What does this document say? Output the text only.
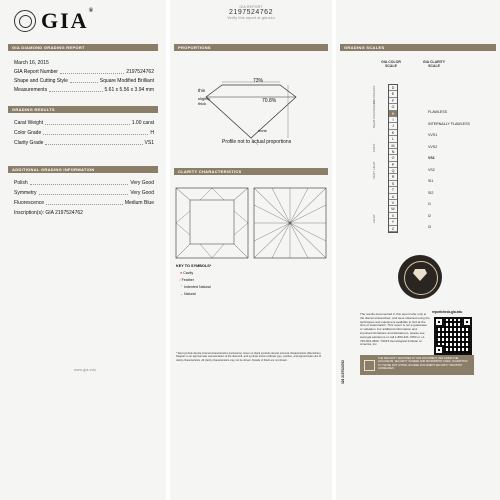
GIA®
GIA DIAMOND GRADING REPORT
March 16, 2015
GIA Report Number	2197524762
Shape and Cutting Style	Square Modified Brilliant
Measurements	5.61 x 5.56 x 3.94 mm
GRADING RESULTS
Carat Weight	1.00 carat
Color Grade	H
Clarity Grade	VS1
ADDITIONAL GRADING INFORMATION
Polish	Very Good
Symmetry	Very Good
Fluorescence	Medium Blue
Inscription(s): GIA 2197524762
www.gia.edu
GIA REPORT
2197524762
Verify this report at gia.edu
PROPORTIONS
73%
70.8%
thin
slightly
thick
none
Profile not to actual proportions
CLARITY CHARACTERISTICS
KEY TO SYMBOLS*
● Cavity
⁄ Feather
⌃ Indented Natural
⌄ Natural
* Red symbols denote internal characteristics (inclusions). Green or black symbols denote external characteristics (blemishes). Diagram is an approximate representation of the diamond, and symbols shown indicate type, position, and approximate size of clarity characteristics. All clarity characteristics may not be shown. Details of finish are not shown.
GRADING SCALES
GIA COLOR SCALE
GIA CLARITY SCALE
D
E
F
G
H
I
J
K
L
M
N
O
P
Q
R
S
T
U
V
W
X
Y
Z
COLORLESS
NEAR COLORLESS
FAINT
VERY LIGHT
LIGHT
FLAWLESS
INTERNALLY FLAWLESS
VVS1
VVS2
VS1
VS2
SI1
SI2
I1
I2
I3
reportcheck.gia.edu
The results documented in this report refer only to the diamond described, and were obtained using the techniques and equipment available to GIA at the time of examination. This report is not a guarantee or valuation. For additional information and important limitations and disclaimers, please see www.gia.edu/terms or call 1-800-421-7250 or +1-760-603-4500. ©2015 Gemological Institute of America, Inc.
326 2197524762
THE SECURITY FEATURES IN THIS DOCUMENT, INCLUDING THE HOLOGRAM, SECURITY SCREEN AND MICROPRINT LINES, IN ADDITION TO THOSE NOT LISTED, EXCEED DOCUMENT SECURITY INDUSTRY GUIDELINES.
